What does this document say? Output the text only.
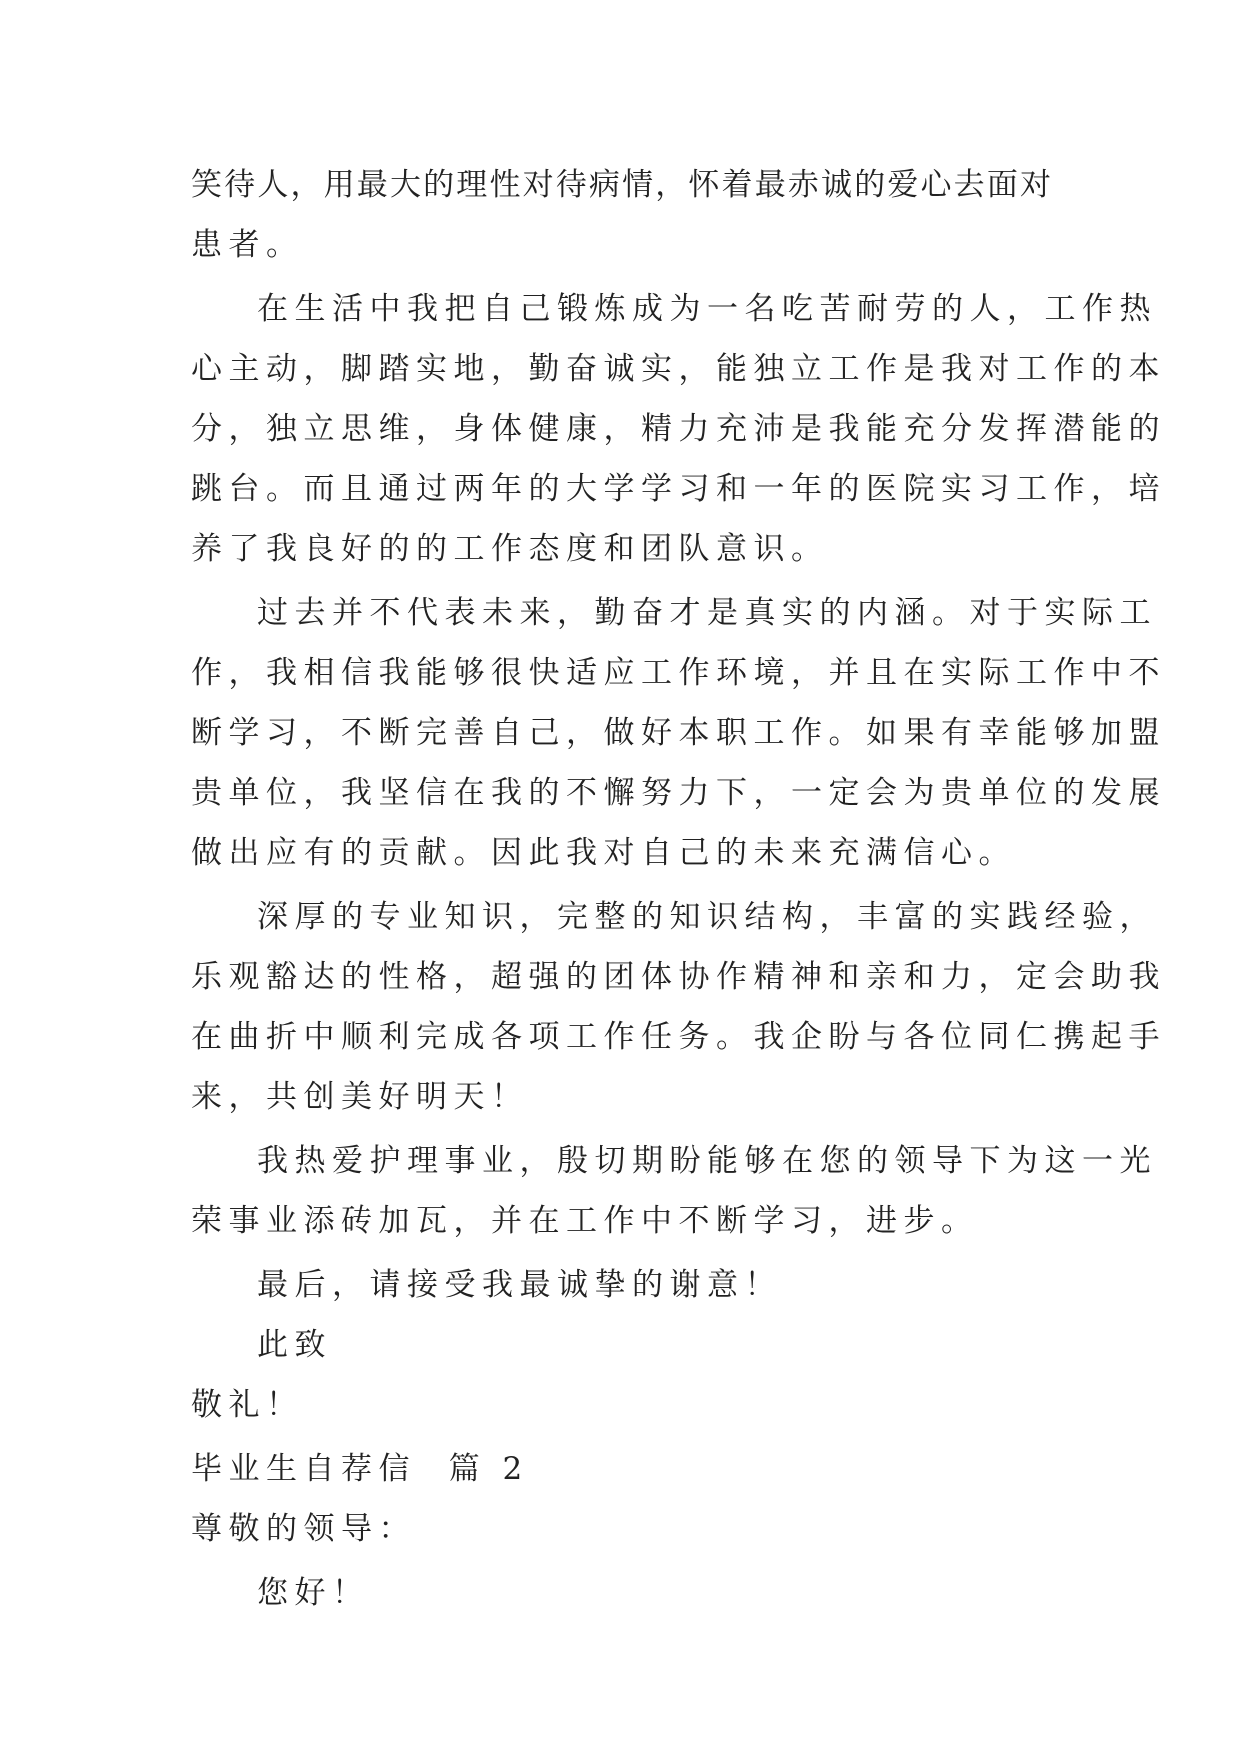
笑待人，用最大的理性对待病情，怀着最赤诚的爱心去面对
患者。
在生活中我把自己锻炼成为一名吃苦耐劳的人，工作热
心主动，脚踏实地，勤奋诚实，能独立工作是我对工作的本
分，独立思维，身体健康，精力充沛是我能充分发挥潜能的
跳台。而且通过两年的大学学习和一年的医院实习工作，培
养了我良好的的工作态度和团队意识。
过去并不代表未来，勤奋才是真实的内涵。对于实际工
作，我相信我能够很快适应工作环境，并且在实际工作中不
断学习，不断完善自己，做好本职工作。如果有幸能够加盟
贵单位，我坚信在我的不懈努力下，一定会为贵单位的发展
做出应有的贡献。因此我对自己的未来充满信心。
深厚的专业知识，完整的知识结构，丰富的实践经验，
乐观豁达的性格，超强的团体协作精神和亲和力，定会助我
在曲折中顺利完成各项工作任务。我企盼与各位同仁携起手
来，共创美好明天！
我热爱护理事业，殷切期盼能够在您的领导下为这一光
荣事业添砖加瓦，并在工作中不断学习，进步。
最后，请接受我最诚挚的谢意！
此致
敬礼！
毕业生自荐信  篇 2
尊敬的领导：
您好！
